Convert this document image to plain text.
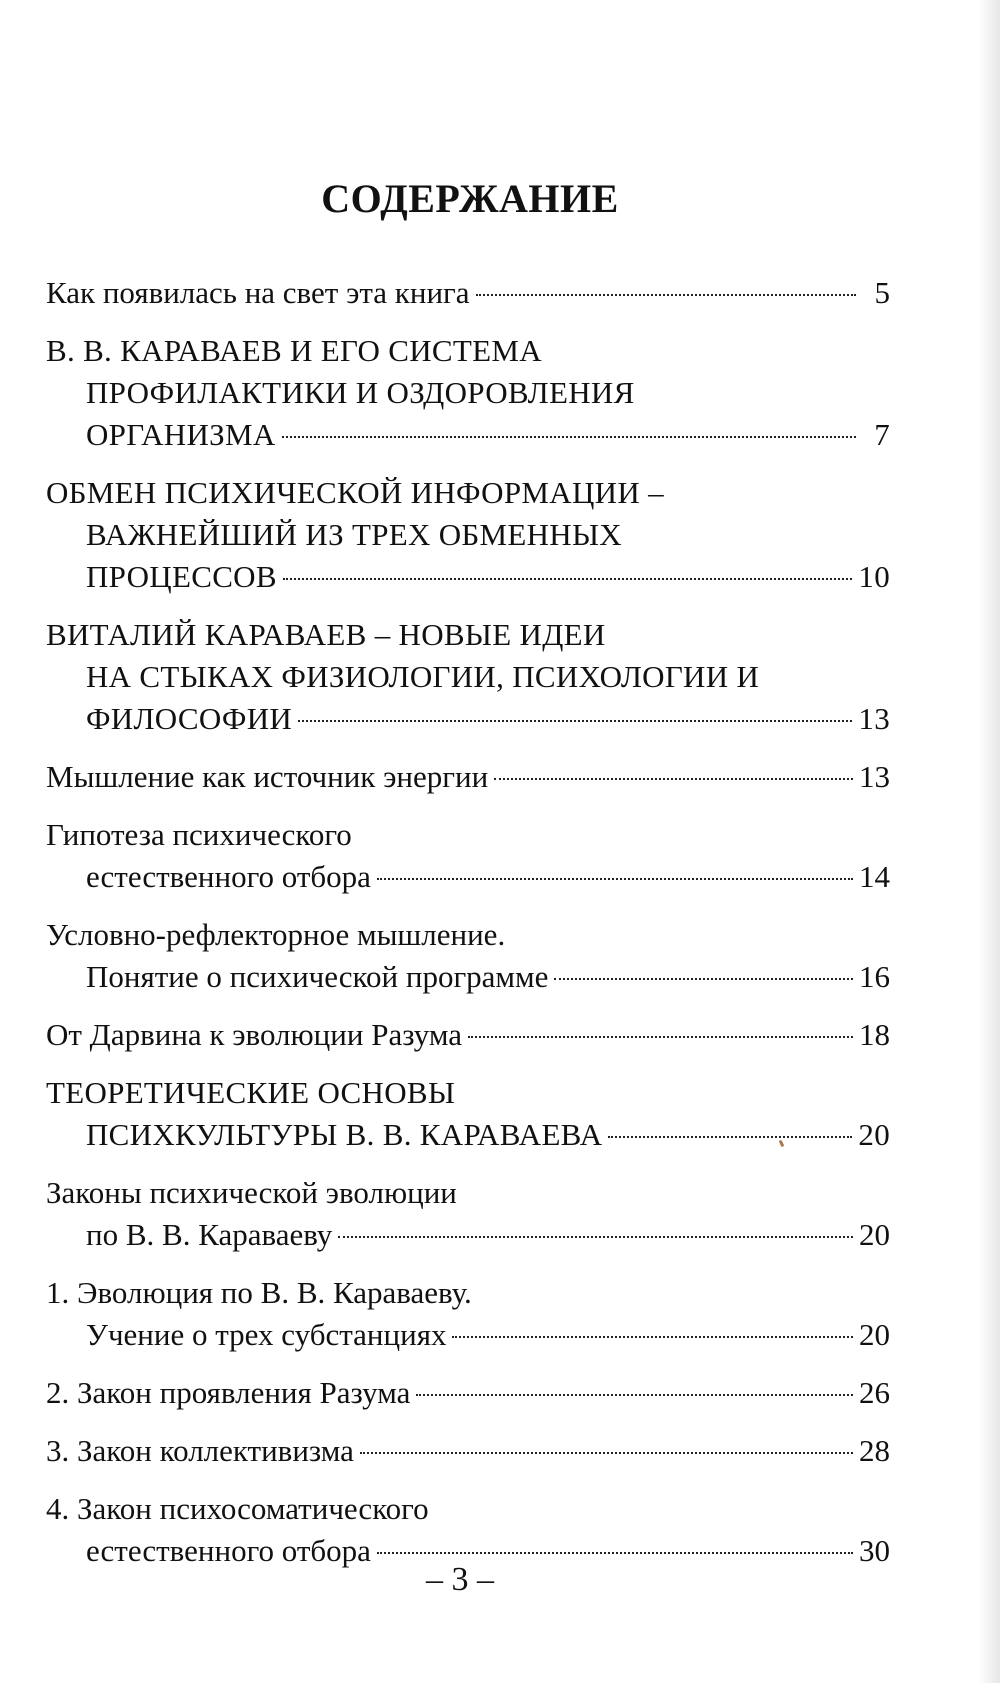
СОДЕРЖАНИЕ
Как появилась на свет эта книга	5
В. В. КАРАВАЕВ И ЕГО СИСТЕМА
ПРОФИЛАКТИКИ И ОЗДОРОВЛЕНИЯ
ОРГАНИЗМА	7
ОБМЕН ПСИХИЧЕСКОЙ ИНФОРМАЦИИ –
ВАЖНЕЙШИЙ ИЗ ТРЕХ ОБМЕННЫХ
ПРОЦЕССОВ	10
ВИТАЛИЙ КАРАВАЕВ – НОВЫЕ ИДЕИ
НА СТЫКАХ ФИЗИОЛОГИИ, ПСИХОЛОГИИ И
ФИЛОСОФИИ	13
Мышление как источник энергии	13
Гипотеза психического
естественного отбора	14
Условно-рефлекторное мышление.
Понятие о психической программе	16
От Дарвина к эволюции Разума	18
ТЕОРЕТИЧЕСКИЕ ОСНОВЫ
ПСИХКУЛЬТУРЫ В. В. КАРАВАЕВА	20
Законы психической эволюции
по В. В. Караваеву	20
1. Эволюция по В. В. Караваеву.
Учение о трех субстанциях	20
2. Закон проявления Разума	26
3. Закон коллективизма	28
4. Закон психосоматического
естественного отбора	30
– 3 –
